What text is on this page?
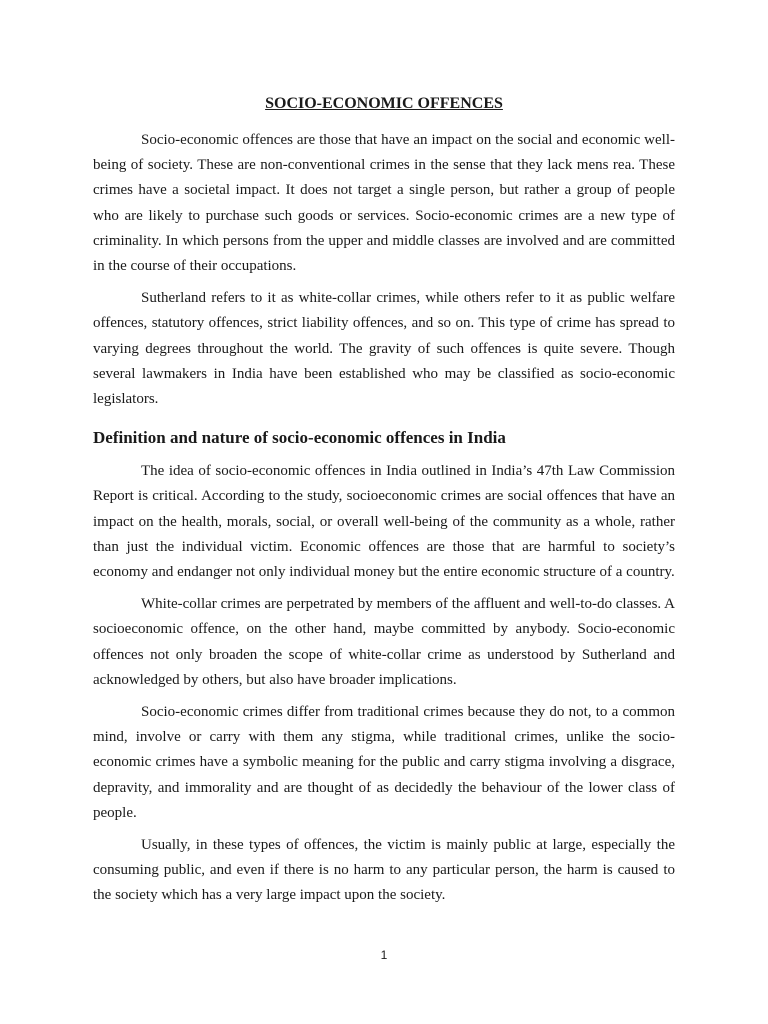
SOCIO-ECONOMIC OFFENCES

Socio-economic offences are those that have an impact on the social and economic well-being of society. These are non-conventional crimes in the sense that they lack mens rea. These crimes have a societal impact. It does not target a single person, but rather a group of people who are likely to purchase such goods or services. Socio-economic crimes are a new type of criminality. In which persons from the upper and middle classes are involved and are committed in the course of their occupations.

Sutherland refers to it as white-collar crimes, while others refer to it as public welfare offences, statutory offences, strict liability offences, and so on. This type of crime has spread to varying degrees throughout the world. The gravity of such offences is quite severe. Though several lawmakers in India have been established who may be classified as socio-economic legislators.

Definition and nature of socio-economic offences in India

The idea of socio-economic offences in India outlined in India’s 47th Law Commission Report is critical. According to the study, socioeconomic crimes are social offences that have an impact on the health, morals, social, or overall well-being of the community as a whole, rather than just the individual victim. Economic offences are those that are harmful to society’s economy and endanger not only individual money but the entire economic structure of a country.

White-collar crimes are perpetrated by members of the affluent and well-to-do classes. A socioeconomic offence, on the other hand, maybe committed by anybody. Socio-economic offences not only broaden the scope of white-collar crime as understood by Sutherland and acknowledged by others, but also have broader implications.

Socio-economic crimes differ from traditional crimes because they do not, to a common mind, involve or carry with them any stigma, while traditional crimes, unlike the socio-economic crimes have a symbolic meaning for the public and carry stigma involving a disgrace, depravity, and immorality and are thought of as decidedly the behaviour of the lower class of people.

Usually, in these types of offences, the victim is mainly public at large, especially the consuming public, and even if there is no harm to any particular person, the harm is caused to the society which has a very large impact upon the society.

1
